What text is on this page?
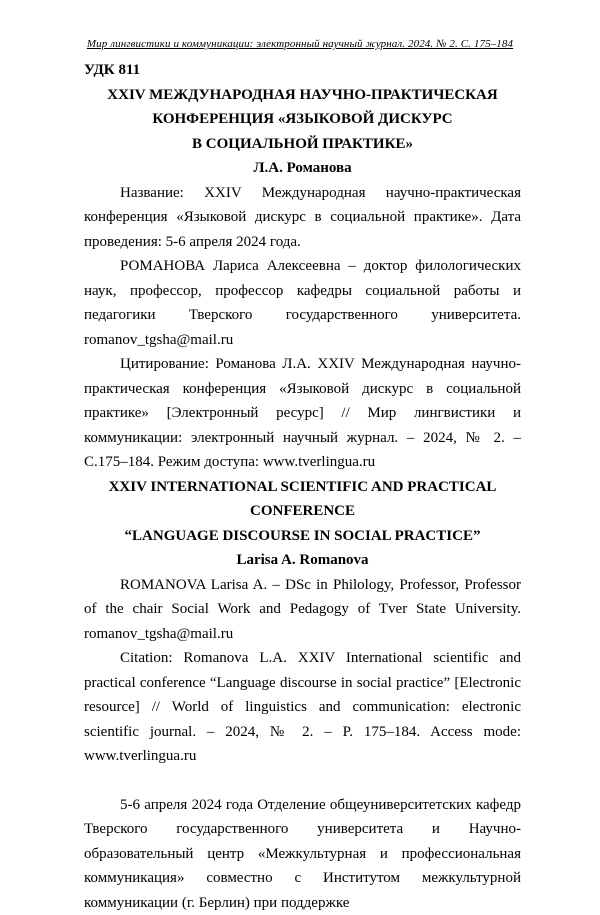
Мир лингвистики и коммуникации: электронный научный журнал. 2024. № 2. С. 175–184
УДК 811
XXIV МЕЖДУНАРОДНАЯ НАУЧНО-ПРАКТИЧЕСКАЯ
КОНФЕРЕНЦИЯ «ЯЗЫКОВОЙ ДИСКУРС
В СОЦИАЛЬНОЙ ПРАКТИКЕ»
Л.А. Романова

Название: XXIV Международная научно-практическая конференция «Языковой дискурс в социальной практике». Дата проведения: 5-6 апреля 2024 года.

РОМАНОВА Лариса Алексеевна – доктор филологических наук, профессор, профессор кафедры социальной работы и педагогики Тверского государственного университета. romanov_tgsha@mail.ru

Цитирование: Романова Л.А. XXIV Международная научно-практическая конференция «Языковой дискурс в социальной практике» [Электронный ресурс] // Мир лингвистики и коммуникации: электронный научный журнал. – 2024, № 2. – С.175–184. Режим доступа: www.tverlingua.ru

XXIV INTERNATIONAL SCIENTIFIC AND PRACTICAL CONFERENCE
“LANGUAGE DISCOURSE IN SOCIAL PRACTICE”
Larisa A. Romanova

ROMANOVA Larisa A. – DSc in Philology, Professor, Professor of the chair Social Work and Pedagogy of Tver State University. romanov_tgsha@mail.ru

Citation: Romanova L.A. XXIV International scientific and practical conference “Language discourse in social practice” [Electronic resource] // World of linguistics and communication: electronic scientific journal. – 2024, № 2. – P. 175–184. Access mode: www.tverlingua.ru

5-6 апреля 2024 года Отделение общеуниверситетских кафедр Тверского государственного университета и Научно-образовательный центр «Межкультурная и профессиональная коммуникация» совместно с Институтом межкультурной коммуникации (г. Берлин) при поддержке
